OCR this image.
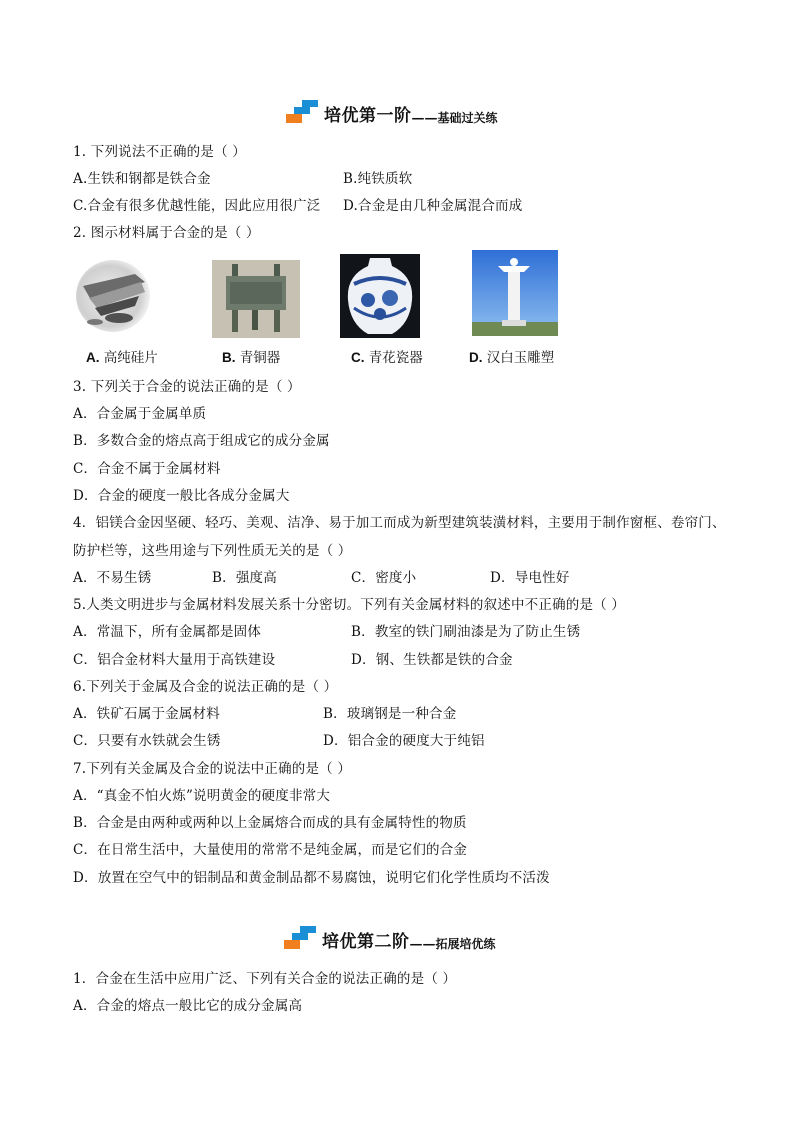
培优第一阶 —— 基础过关练
1. 下列说法不正确的是（ ）
A.生铁和钢都是铁合金	B.纯铁质软
C.合金有很多优越性能，因此应用很广泛 D.合金是由几种金属混合而成
2. 图示材料属于合金的是（ ）
A. 高纯硅片	B. 青铜器	C. 青花瓷器	D. 汉白玉雕塑
3. 下列关于合金的说法正确的是（ ）
A．合金属于金属单质
B．多数合金的熔点高于组成它的成分金属
C．合金不属于金属材料
D．合金的硬度一般比各成分金属大
4．铝镁合金因坚硬、轻巧、美观、洁净、易于加工而成为新型建筑装潢材料，主要用于制作窗框、卷帘门、
防护栏等，这些用途与下列性质无关的是（ ）
A．不易生锈	B．强度高	C．密度小	D．导电性好
5.人类文明进步与金属材料发展关系十分密切。下列有关金属材料的叙述中不正确的是（ ）
A．常温下，所有金属都是固体	B．教室的铁门刷油漆是为了防止生锈
C．铝合金材料大量用于高铁建设	D．钢、生铁都是铁的合金
6.下列关于金属及合金的说法正确的是（ ）
A．铁矿石属于金属材料	B．玻璃钢是一种合金
C．只要有水铁就会生锈	D．铝合金的硬度大于纯铝
7.下列有关金属及合金的说法中正确的是（ ）
A．“真金不怕火炼”说明黄金的硬度非常大
B．合金是由两种或两种以上金属熔合而成的具有金属特性的物质
C．在日常生活中，大量使用的常常不是纯金属，而是它们的合金
D．放置在空气中的铝制品和黄金制品都不易腐蚀，说明它们化学性质均不活泼
培优第二阶 —— 拓展培优练
1．合金在生活中应用广泛、下列有关合金的说法正确的是（ ）
A．合金的熔点一般比它的成分金属高
